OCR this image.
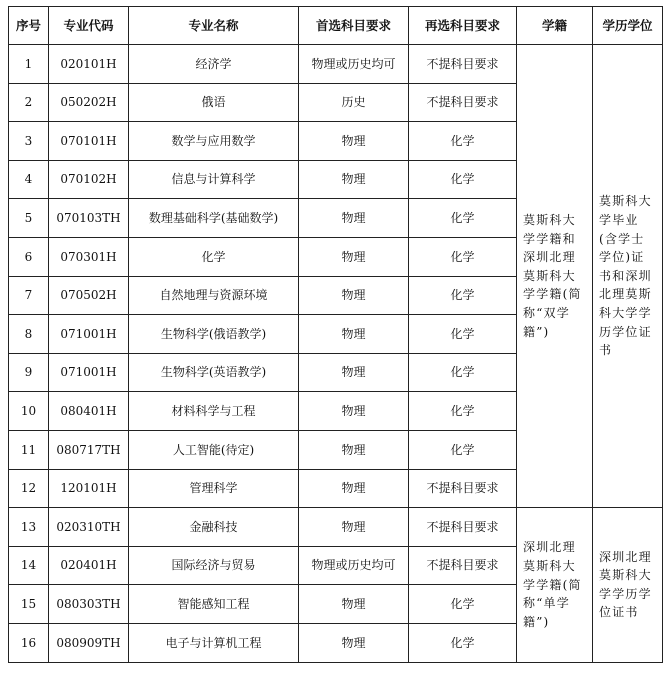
序号	专业代码	专业名称	首选科目要求	再选科目要求	学籍	学历学位
1	020101H	经济学	物理或历史均可	不提科目要求	莫斯科大学学籍和深圳北理莫斯科大学学籍(简称“双学籍”)	莫斯科大学毕业(含学士学位)证书和深圳北理莫斯科大学学历学位证书
2	050202H	俄语	历史	不提科目要求		
3	070101H	数学与应用数学	物理	化学		
4	070102H	信息与计算科学	物理	化学		
5	070103TH	数理基础科学(基础数学)	物理	化学		
6	070301H	化学	物理	化学		
7	070502H	自然地理与资源环境	物理	化学		
8	071001H	生物科学(俄语教学)	物理	化学		
9	071001H	生物科学(英语教学)	物理	化学		
10	080401H	材料科学与工程	物理	化学		
11	080717TH	人工智能(待定)	物理	化学		
12	120101H	管理科学	物理	不提科目要求		
13	020310TH	金融科技	物理	不提科目要求	深圳北理莫斯科大学学籍(简称“单学籍”)	深圳北理莫斯科大学学历学位证书
14	020401H	国际经济与贸易	物理或历史均可	不提科目要求		
15	080303TH	智能感知工程	物理	化学		
16	080909TH	电子与计算机工程	物理	化学		
